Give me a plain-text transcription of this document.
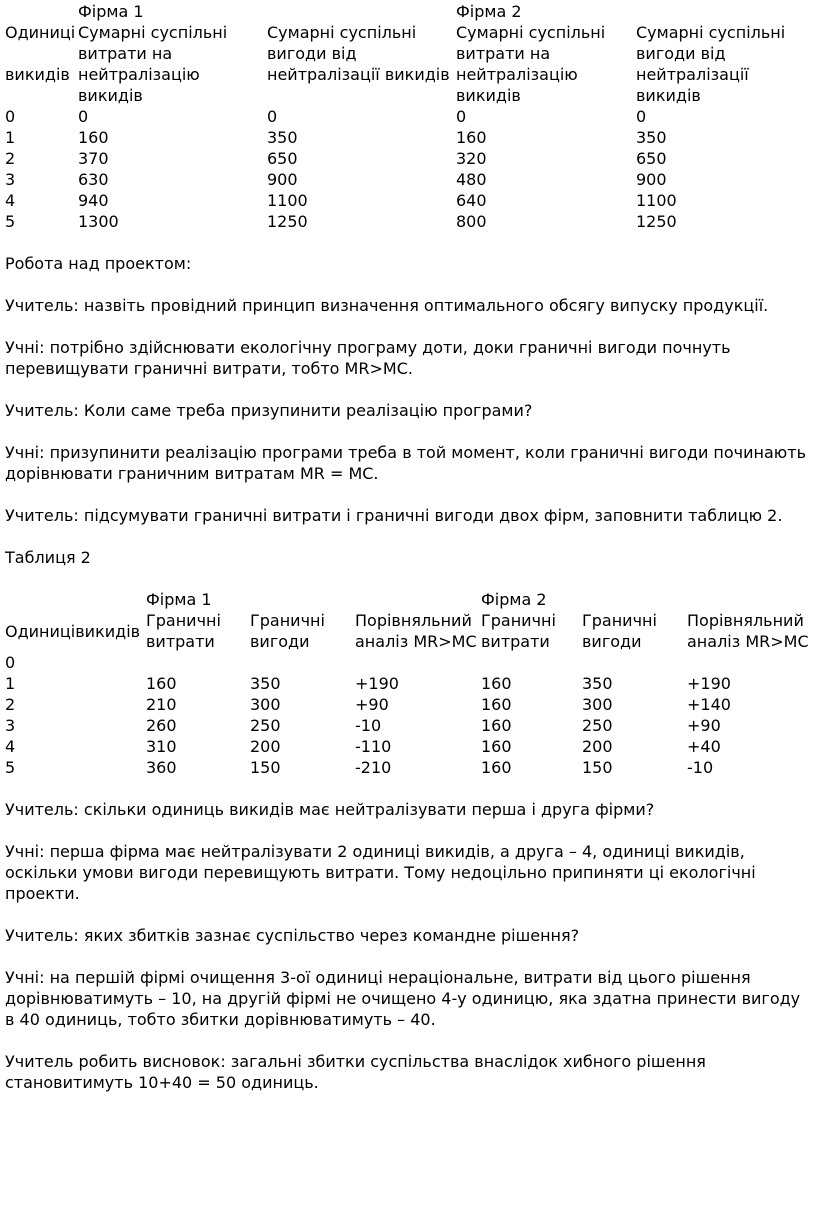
	Фірма 1		Фірма 2	

Одиниці
викидів	Сумарні суспільні витрати на нейтралізацію викидів	Сумарні суспільні вигоди від нейтралізації викидів	Сумарні суспільні витрати на нейтралізацію викидів	Сумарні суспільні вигоди від нейтралізації викидів
0	0	0	0	0
1	160	350	160	350
2	370	650	320	650
3	630	900	480	900
4	940	1100	640	1100
5	1300	1250	800	1250

Робота над проектом:

Учитель: назвіть провідний принцип визначення оптимального обсягу випуску продукції.

Учні: потрібно здійснювати екологічну програму доти, доки граничні вигоди почнуть перевищувати граничні витрати, тобто MR>MC.

Учитель: Коли саме треба призупинити реалізацію програми?

Учні: призупинити реалізацію програми треба в той момент, коли граничні вигоди починають дорівнювати граничним витратам MR = MC.

Учитель: підсумувати граничні витрати і граничні вигоди двох фірм, заповнити таблицю 2.

Таблиця 2

	Фірма 1			Фірма 2		
Одиницівикидів	Граничні витрати	Граничні вигоди	Порівняльний аналіз MR>MC	Граничні витрати	Граничні вигоди	Порівняльний аналіз MR>MC
0						
1	160	350	+190	160	350	+190
2	210	300	+90	160	300	+140
3	260	250	-10	160	250	+90
4	310	200	-110	160	200	+40
5	360	150	-210	160	150	-10

Учитель: скільки одиниць викидів має нейтралізувати перша і друга фірми?

Учні: перша фірма має нейтралізувати 2 одиниці викидів, а друга – 4, одиниці викидів, оскільки умови вигоди перевищують витрати. Тому недоцільно припиняти ці екологічні проекти.

Учитель: яких збитків зазнає суспільство через командне рішення?

Учні: на першій фірмі очищення 3-ої одиниці нераціональне, витрати від цього рішення дорівнюватимуть – 10, на другій фірмі не очищено 4-у одиницю, яка здатна принести вигоду в 40 одиниць, тобто збитки дорівнюватимуть – 40.

Учитель робить висновок: загальні збитки суспільства внаслідок хибного рішення становитимуть 10+40 = 50 одиниць.
